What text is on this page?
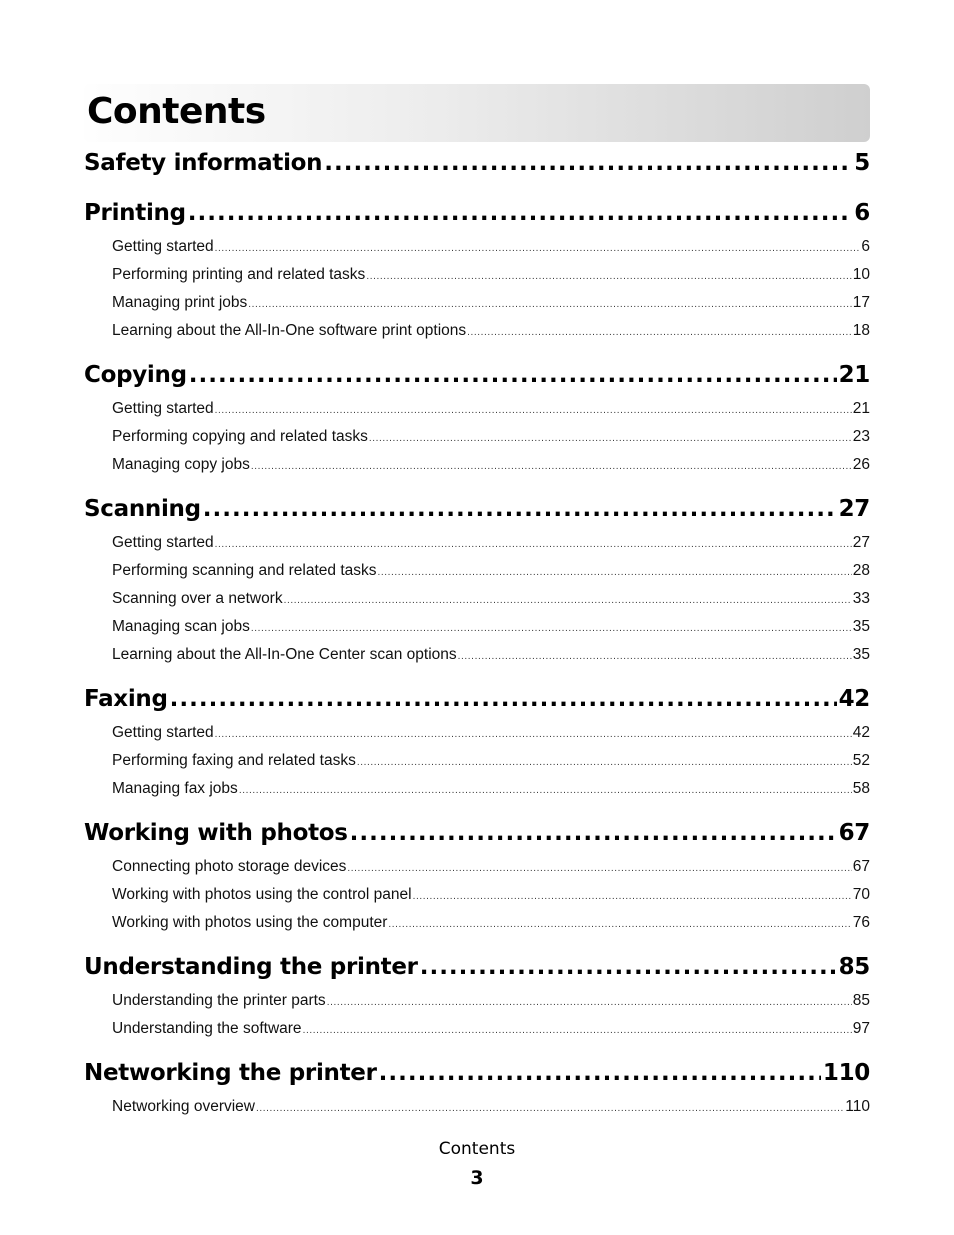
Contents
Safety information .....	5
Printing .....	6
Getting started .....	6
Performing printing and related tasks .....	10
Managing print jobs .....	17
Learning about the All-In-One software print options .....	18
Copying .....	21
Getting started .....	21
Performing copying and related tasks .....	23
Managing copy jobs .....	26
Scanning .....	27
Getting started .....	27
Performing scanning and related tasks .....	28
Scanning over a network .....	33
Managing scan jobs .....	35
Learning about the All-In-One Center scan options .....	35
Faxing .....	42
Getting started .....	42
Performing faxing and related tasks .....	52
Managing fax jobs .....	58
Working with photos .....	67
Connecting photo storage devices .....	67
Working with photos using the control panel .....	70
Working with photos using the computer .....	76
Understanding the printer .....	85
Understanding the printer parts .....	85
Understanding the software .....	97
Networking the printer .....	110
Networking overview .....	110
Contents
3
